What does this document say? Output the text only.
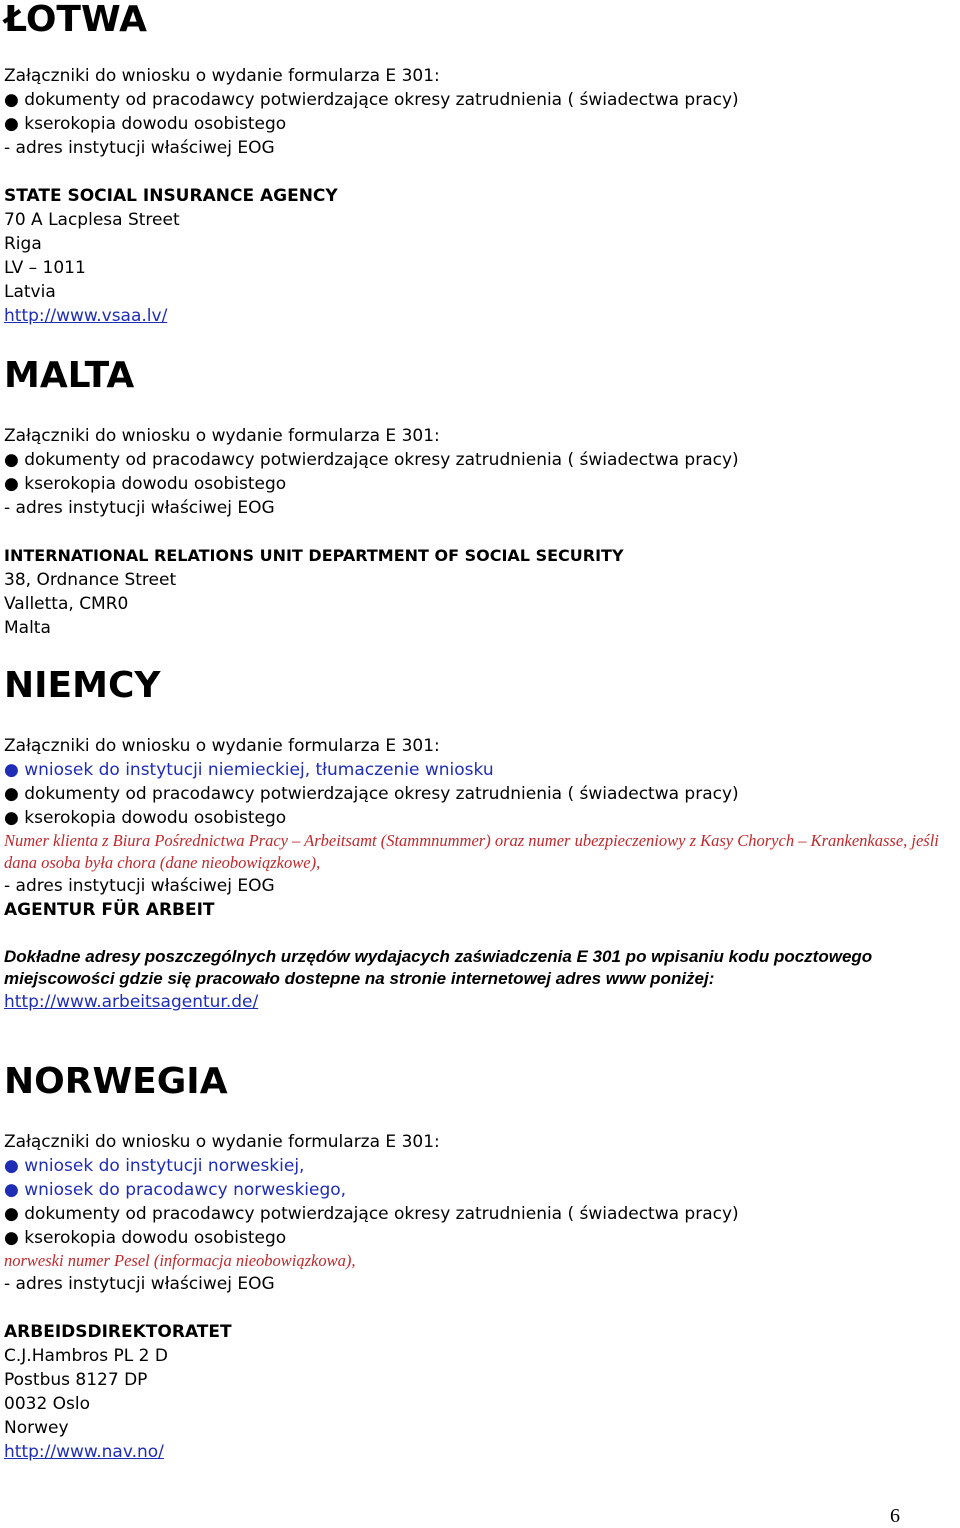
ŁOTWA
Załączniki do wniosku o wydanie formularza E 301:
● dokumenty od pracodawcy potwierdzające okresy zatrudnienia ( świadectwa pracy)
● kserokopia dowodu osobistego
- adres instytucji właściwej EOG
STATE SOCIAL INSURANCE AGENCY
70 A Lacplesa Street
Riga
LV – 1011
Latvia
http://www.vsaa.lv/
MALTA
Załączniki do wniosku o wydanie formularza E 301:
● dokumenty od pracodawcy potwierdzające okresy zatrudnienia ( świadectwa pracy)
● kserokopia dowodu osobistego
- adres instytucji właściwej EOG
INTERNATIONAL RELATIONS UNIT DEPARTMENT OF SOCIAL SECURITY
38, Ordnance Street
Valletta, CMR0
Malta
NIEMCY
Załączniki do wniosku o wydanie formularza E 301:
● wniosek do instytucji niemieckiej, tłumaczenie wniosku
● dokumenty od pracodawcy potwierdzające okresy zatrudnienia ( świadectwa pracy)
● kserokopia dowodu osobistego
Numer klienta z Biura Pośrednictwa Pracy – Arbeitsamt (Stammnummer) oraz numer ubezpieczeniowy z Kasy Chorych – Krankenkasse, jeśli dana osoba była chora (dane nieobowiązkowe),
- adres instytucji właściwej EOG
AGENTUR FÜR ARBEIT
Dokładne adresy poszczególnych urzędów wydajacych zaświadczenia E 301 po wpisaniu kodu pocztowego miejscowości gdzie się pracowało dostepne na stronie internetowej adres www poniżej:
http://www.arbeitsagentur.de/
NORWEGIA
Załączniki do wniosku o wydanie formularza E 301:
● wniosek do instytucji norweskiej,
● wniosek do pracodawcy norweskiego,
● dokumenty od pracodawcy potwierdzające okresy zatrudnienia ( świadectwa pracy)
● kserokopia dowodu osobistego
norweski numer Pesel (informacja nieobowiązkowa),
- adres instytucji właściwej EOG
ARBEIDSDIREKTORATET
C.J.Hambros PL 2 D
Postbus 8127 DP
0032 Oslo
Norwey
http://www.nav.no/
6
